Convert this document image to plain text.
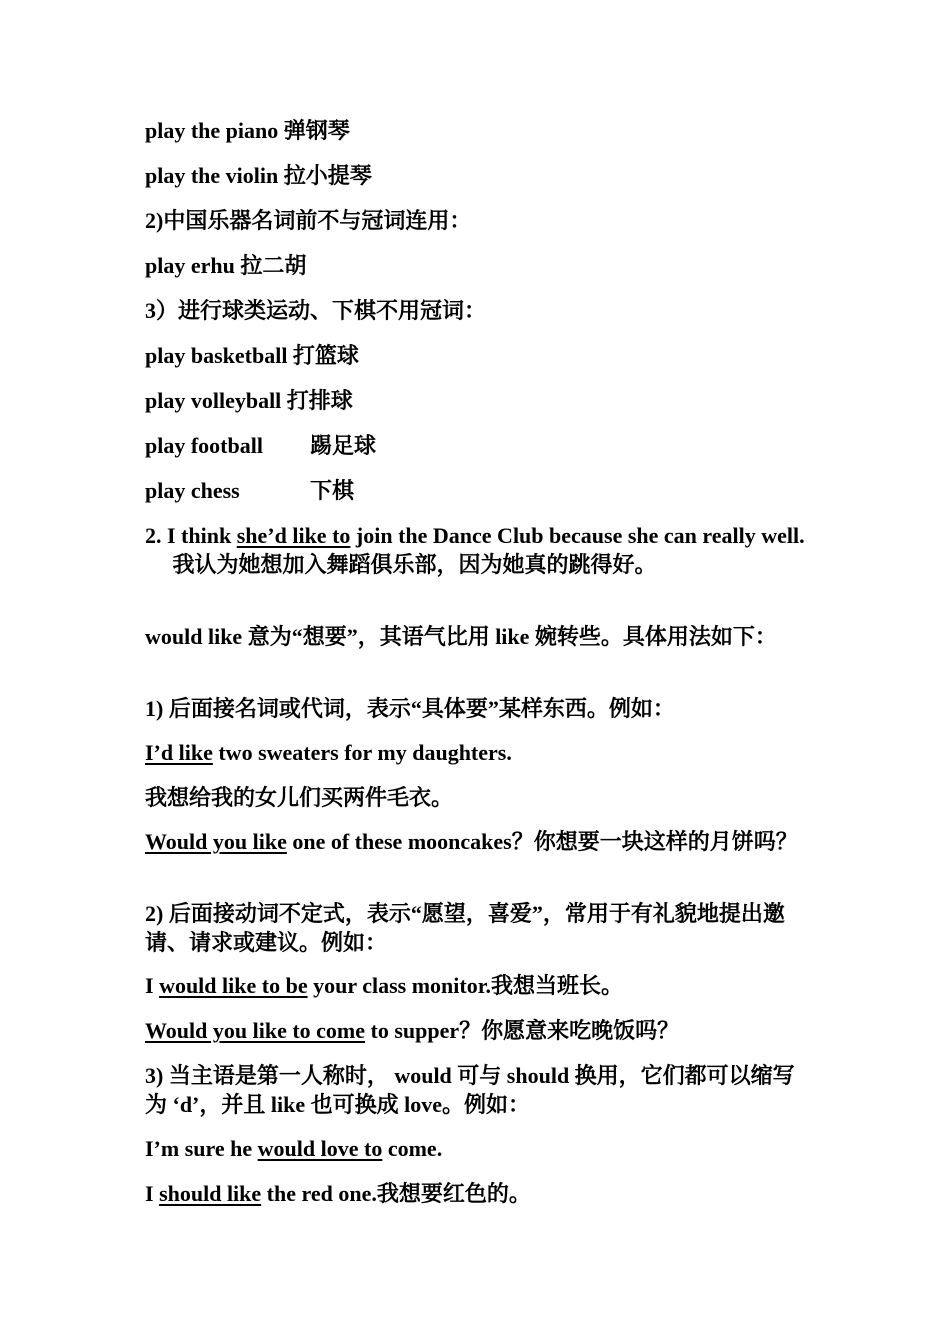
play the piano 弹钢琴
play the violin 拉小提琴
2)中国乐器名词前不与冠词连用：
play erhu 拉二胡
3）进行球类运动、下棋不用冠词：
play basketball 打篮球
play volleyball 打排球
play football 踢足球
play chess	下棋
2. I think she’d like to join the Dance Club because she can really well. 　 我认为她想加入舞蹈俱乐部，因为她真的跳得好。
would like 意为“想要”，其语气比用 like 婉转些。具体用法如下：
1) 后面接名词或代词，表示“具体要”某样东西。例如：
I’d like two sweaters for my daughters.
我想给我的女儿们买两件毛衣。
Would you like one of these mooncakes？你想要一块这样的月饼吗？
2) 后面接动词不定式，表示“愿望，喜爱”，常用于有礼貌地提出邀请、请求或建议。例如：
I would like to be your class monitor.我想当班长。
Would you like to come to supper？你愿意来吃晚饭吗？
3) 当主语是第一人称时， would 可与 should 换用，它们都可以缩写为 ‘d’，并且 like 也可换成 love。例如：
I’m sure he would love to come.
I should like the red one.我想要红色的。
